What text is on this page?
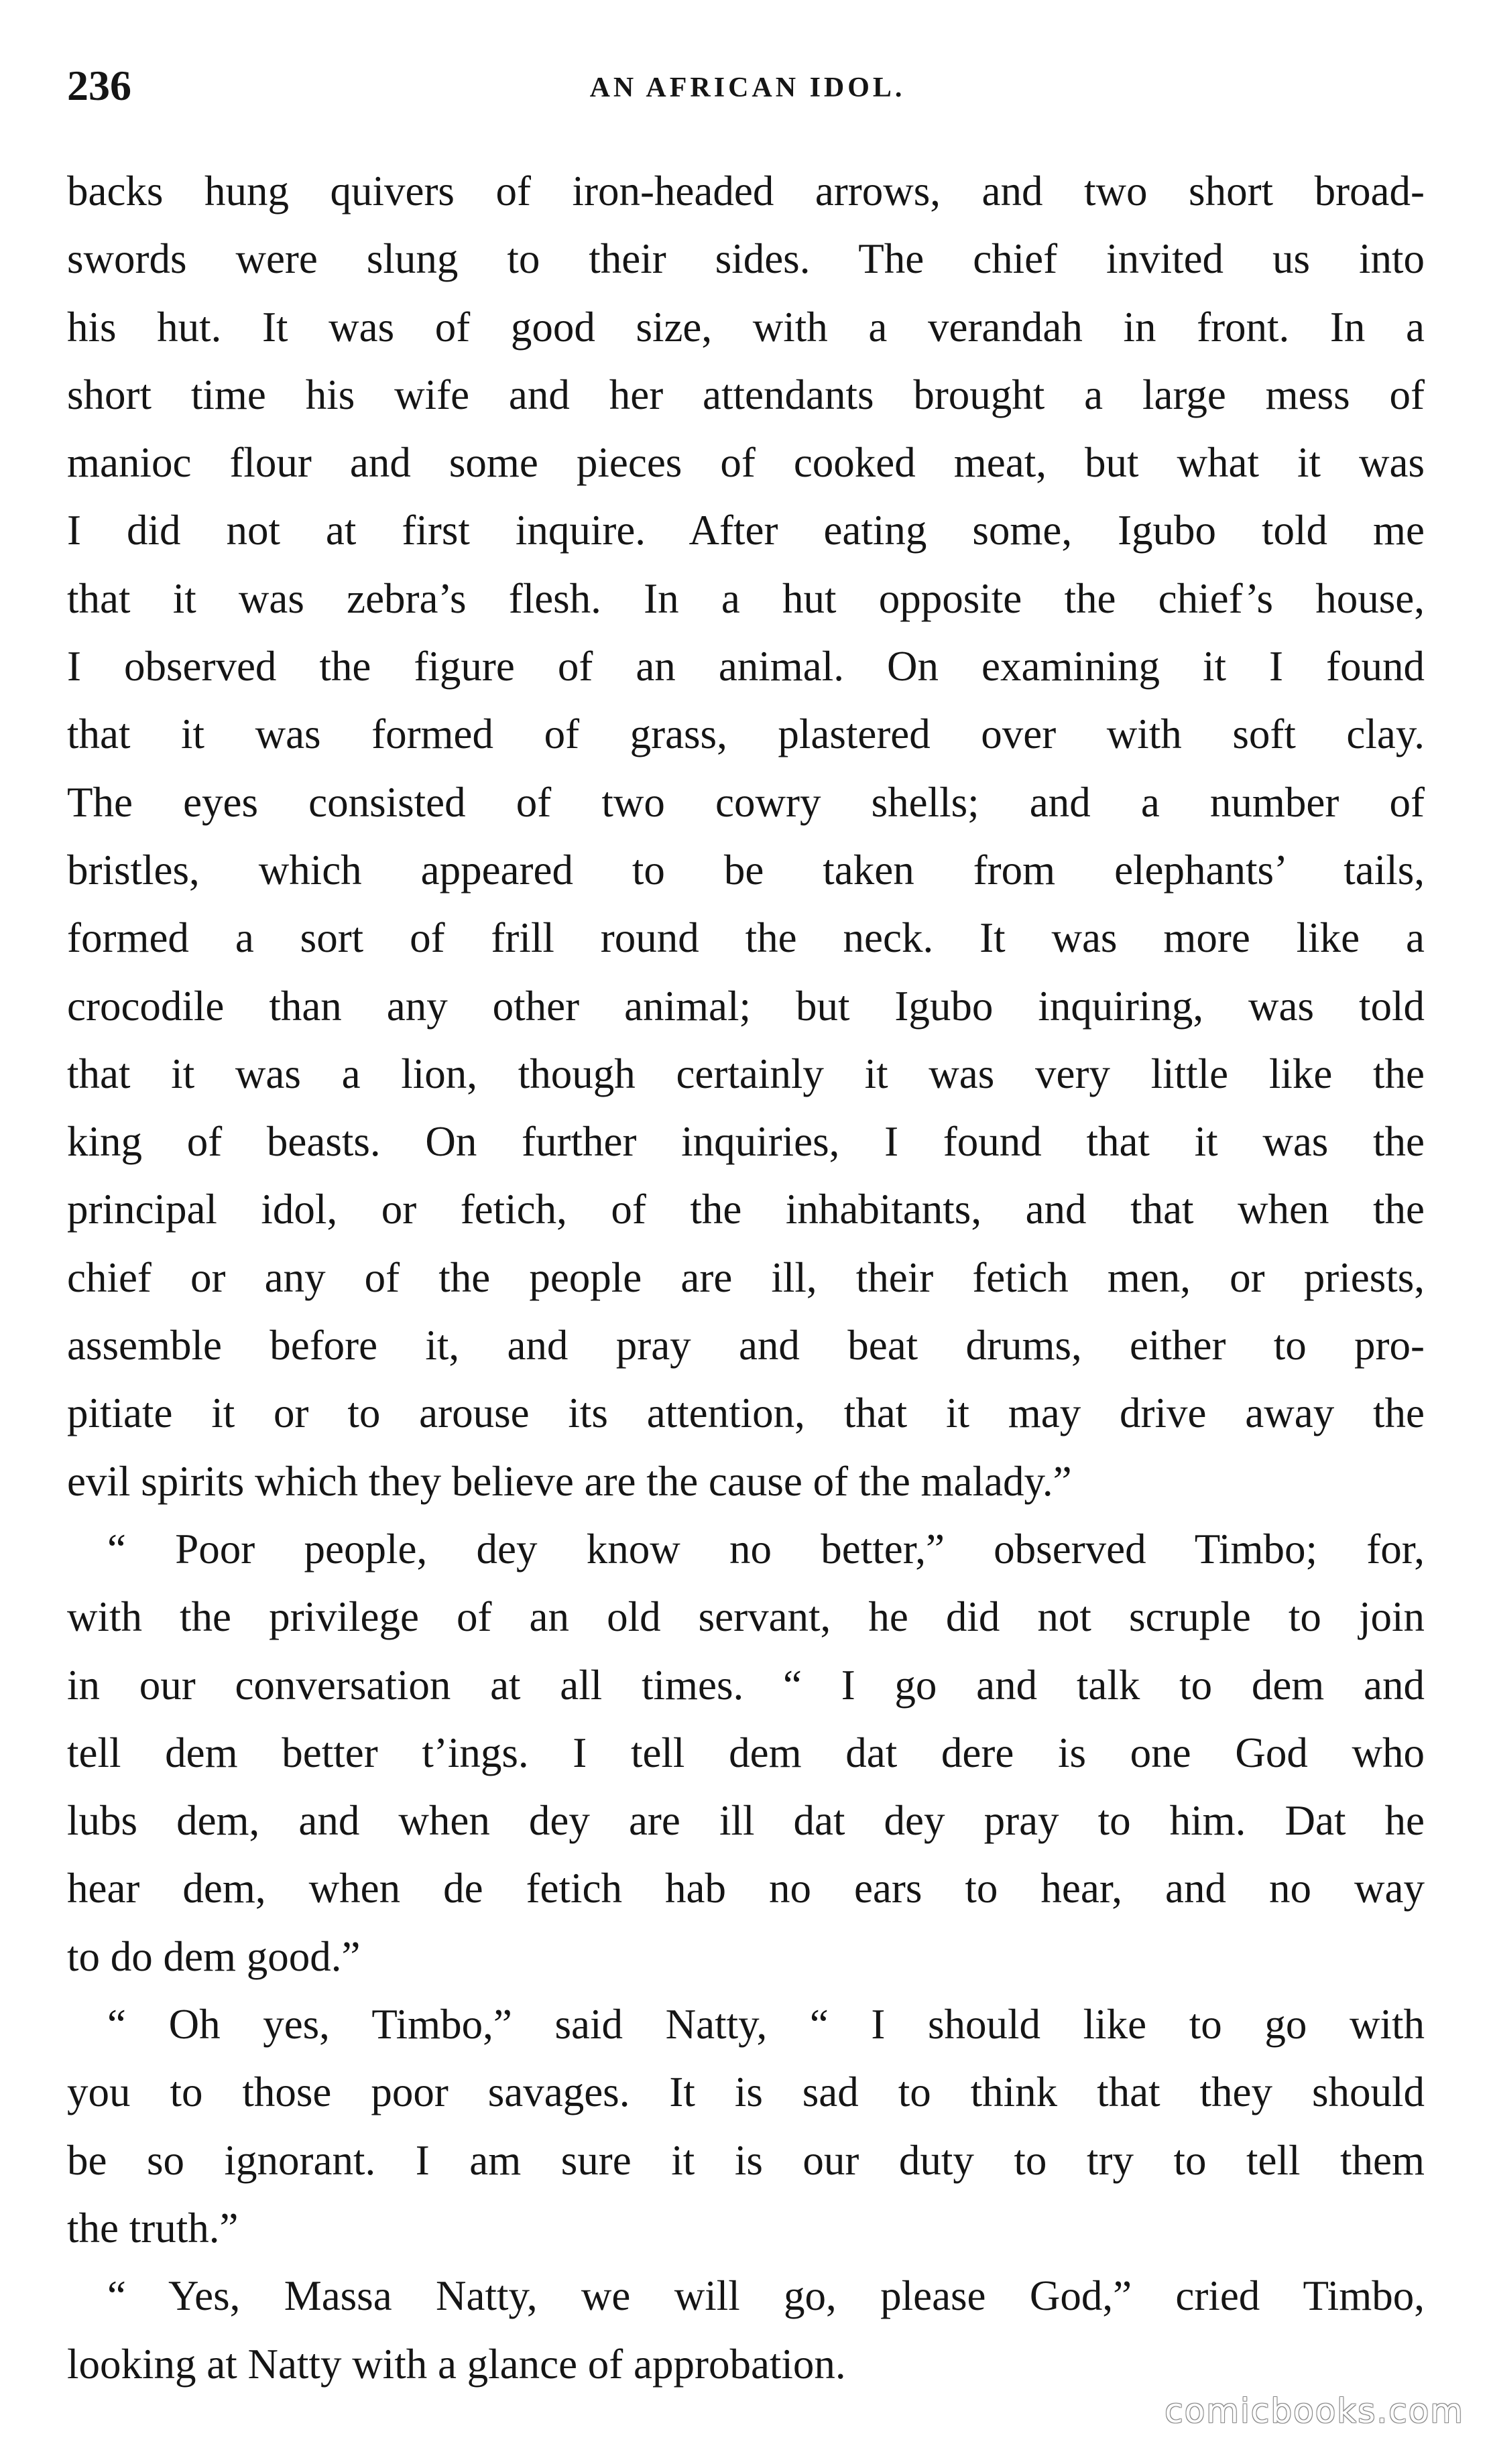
236	AN AFRICAN IDOL.
backs hung quivers of iron-headed arrows, and two short broad-
swords were slung to their sides. The chief invited us into
his hut. It was of good size, with a verandah in front. In a
short time his wife and her attendants brought a large mess of
manioc flour and some pieces of cooked meat, but what it was
I did not at first inquire. After eating some, Igubo told me
that it was zebra’s flesh. In a hut opposite the chief’s house,
I observed the figure of an animal. On examining it I found
that it was formed of grass, plastered over with soft clay.
The eyes consisted of two cowry shells; and a number of
bristles, which appeared to be taken from elephants’ tails,
formed a sort of frill round the neck. It was more like a
crocodile than any other animal; but Igubo inquiring, was told
that it was a lion, though certainly it was very little like the
king of beasts. On further inquiries, I found that it was the
principal idol, or fetich, of the inhabitants, and that when the
chief or any of the people are ill, their fetich men, or priests,
assemble before it, and pray and beat drums, either to pro-
pitiate it or to arouse its attention, that it may drive away the
evil spirits which they believe are the cause of the malady.”
“ Poor people, dey know no better,” observed Timbo; for,
with the privilege of an old servant, he did not scruple to join
in our conversation at all times. “ I go and talk to dem and
tell dem better t’ings. I tell dem dat dere is one God who
lubs dem, and when dey are ill dat dey pray to him. Dat he
hear dem, when de fetich hab no ears to hear, and no way
to do dem good.”
“ Oh yes, Timbo,” said Natty, “ I should like to go with
you to those poor savages. It is sad to think that they should
be so ignorant. I am sure it is our duty to try to tell them
the truth.”
“ Yes, Massa Natty, we will go, please God,” cried Timbo,
looking at Natty with a glance of approbation.
comicbooks.com
